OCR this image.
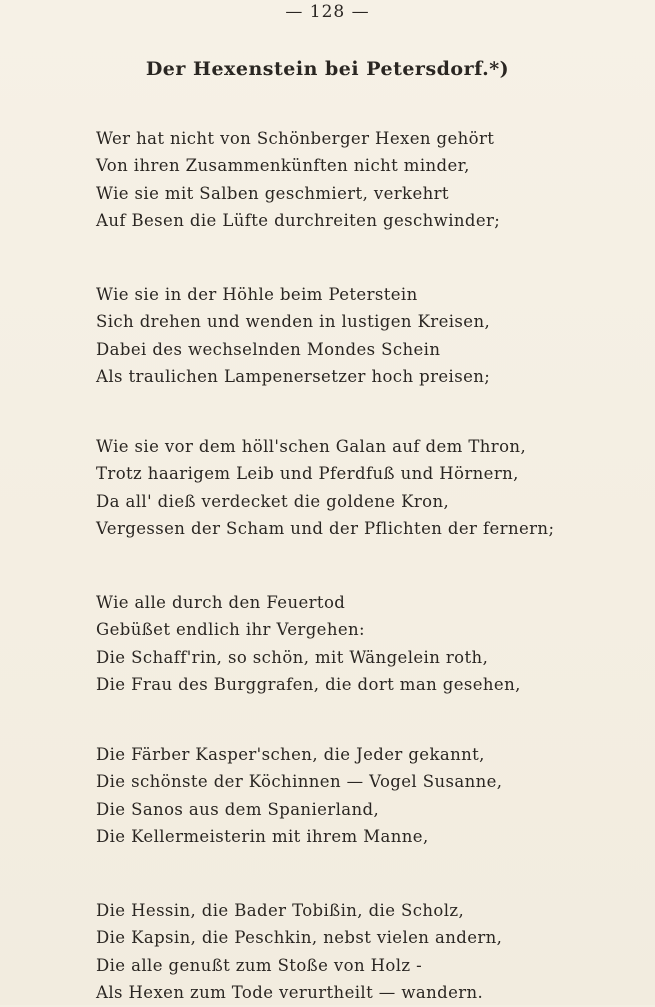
— 128 —
Der Hexenstein bei Petersdorf.*)
Wer hat nicht von Schönberger Hexen gehört
Von ihren Zusammenkünften nicht minder,
Wie sie mit Salben geschmiert, verkehrt
Auf Besen die Lüfte durchreiten geschwinder;
Wie sie in der Höhle beim Peterstein
Sich drehen und wenden in lustigen Kreisen,
Dabei des wechselnden Mondes Schein
Als traulichen Lampenersetzer hoch preisen;
Wie sie vor dem höll'schen Galan auf dem Thron,
Trotz haarigem Leib und Pferdfuß und Hörnern,
Da all' dieß verdecket die goldene Kron,
Vergessen der Scham und der Pflichten der fernern;
Wie alle durch den Feuertod
Gebüßet endlich ihr Vergehen:
Die Schaff'rin, so schön, mit Wängelein roth,
Die Frau des Burggrafen, die dort man gesehen,
Die Färber Kasper'schen, die Jeder gekannt,
Die schönste der Köchinnen — Vogel Susanne,
Die Sanos aus dem Spanierland,
Die Kellermeisterin mit ihrem Manne,
Die Hessin, die Bader Tobißin, die Scholz,
Die Kapsin, die Peschkin, nebst vielen andern,
Die alle genußt zum Stoße von Holz -
Als Hexen zum Tode verurtheilt — wandern.
